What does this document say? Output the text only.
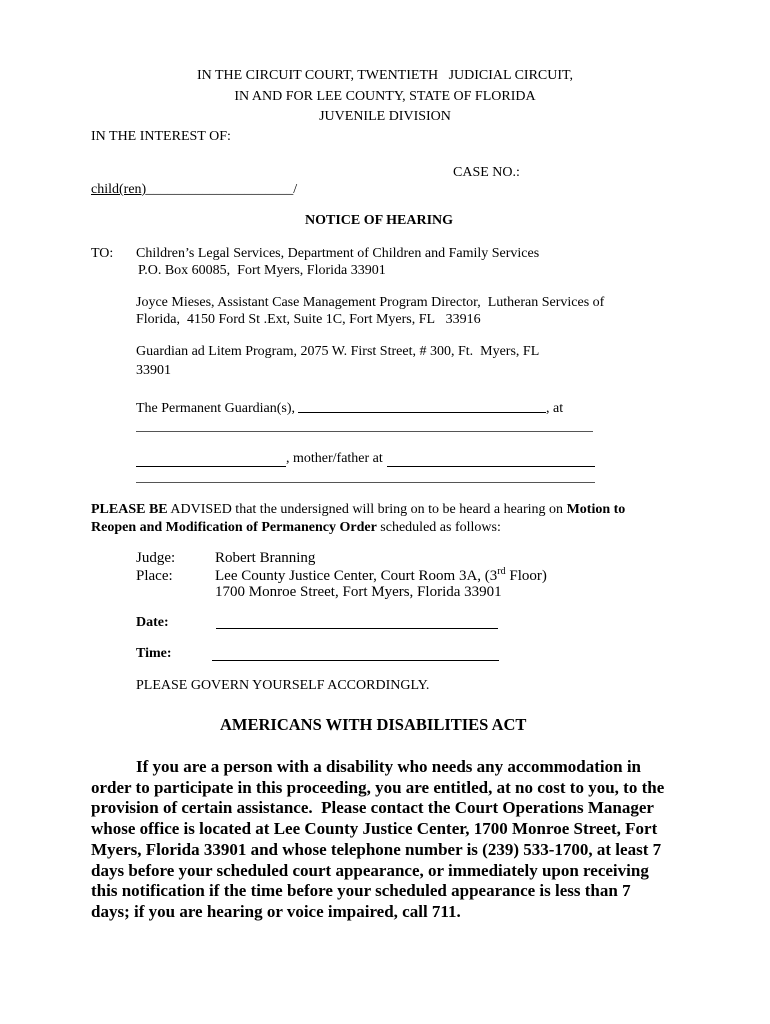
IN THE CIRCUIT COURT, TWENTIETH   JUDICIAL CIRCUIT,
IN AND FOR LEE COUNTY, STATE OF FLORIDA
JUVENILE DIVISION
IN THE INTEREST OF:
CASE NO.:
child(ren)_____________________/
NOTICE OF HEARING
TO: Children’s Legal Services, Department of Children and Family Services
P.O. Box 60085,  Fort Myers, Florida 33901
Joyce Mieses, Assistant Case Management Program Director,  Lutheran Services of
Florida,  4150 Ford St .Ext, Suite 1C, Fort Myers, FL   33916
Guardian ad Litem Program, 2075 W. First Street, # 300, Ft.  Myers, FL
33901
The Permanent Guardian(s),	, at
, mother/father at
PLEASE BE ADVISED that the undersigned will bring on to be heard a hearing on Motion to
Reopen and Modification of Permanency Order scheduled as follows:
Judge:	Robert Branning
Place:	Lee County Justice Center, Court Room 3A, (3rd Floor)
1700 Monroe Street, Fort Myers, Florida 33901
Date:
Time:
PLEASE GOVERN YOURSELF ACCORDINGLY.
AMERICANS WITH DISABILITIES ACT
If you are a person with a disability who needs any accommodation in order to participate in this proceeding, you are entitled, at no cost to you, to the provision of certain assistance.  Please contact the Court Operations Manager whose office is located at Lee County Justice Center, 1700 Monroe Street, Fort Myers, Florida 33901 and whose telephone number is (239) 533-1700, at least 7 days before your scheduled court appearance, or immediately upon receiving this notification if the time before your scheduled appearance is less than 7 days; if you are hearing or voice impaired, call 711.
